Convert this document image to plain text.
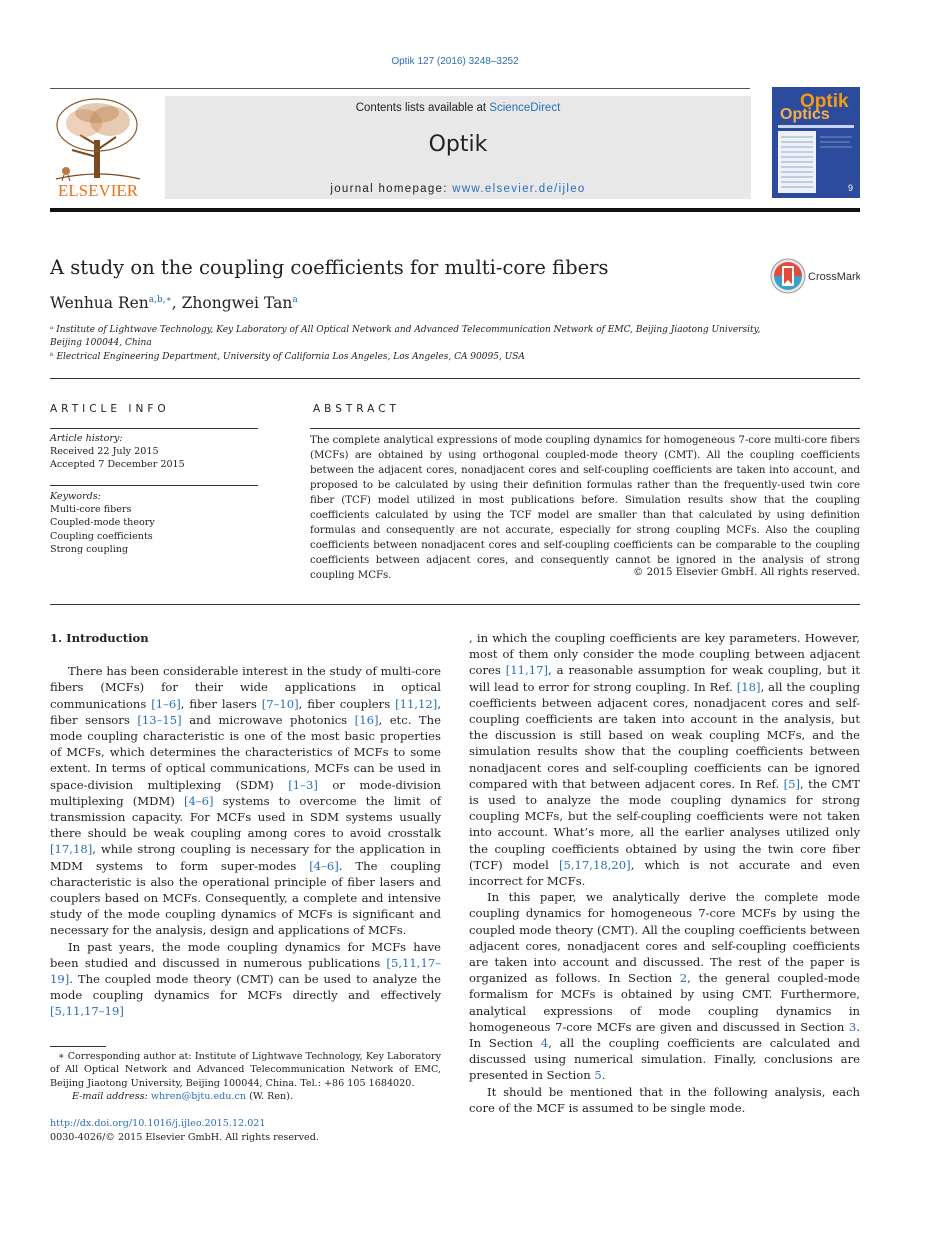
Optik 127 (2016) 3248–3252
ELSEVIER
Contents lists available at ScienceDirect
Optik
journal homepage: www.elsevier.de/ijleo
Optik
Optics
9
A study on the coupling coefficients for multi-core fibers	CrossMark
Wenhua Ren$^{a,b,∗}$, Zhongwei Tan$^a$
ᵃ Institute of Lightwave Technology, Key Laboratory of All Optical Network and Advanced Telecommunication Network of EMC, Beijing Jiaotong University, Beijing 100044, China
ᵇ Electrical Engineering Department, University of California Los Angeles, Los Angeles, CA 90095, USA
ARTICLE INFO	ABSTRACT
Article history:
Received 22 July 2015
Accepted 7 December 2015
Keywords:
Multi-core fibers
Coupled-mode theory
Coupling coefficients
Strong coupling
The complete analytical expressions of mode coupling dynamics for homogeneous 7-core multi-core fibers (MCFs) are obtained by using orthogonal coupled-mode theory (CMT). All the coupling coefficients between the adjacent cores, nonadjacent cores and self-coupling coefficients are taken into account, and proposed to be calculated by using their definition formulas rather than the frequently-used twin core fiber (TCF) model utilized in most publications before. Simulation results show that the coupling coefficients calculated by using the TCF model are smaller than that calculated by using definition formulas and consequently are not accurate, especially for strong coupling MCFs. Also the coupling coefficients between nonadjacent cores and self-coupling coefficients can be comparable to the coupling coefficients between adjacent cores, and consequently cannot be ignored in the analysis of strong coupling MCFs.	© 2015 Elsevier GmbH. All rights reserved.

1. Introduction

There has been considerable interest in the study of multi-core fibers (MCFs) for their wide applications in optical communications [1–6], fiber lasers [7–10], fiber couplers [11,12], fiber sensors [13–15] and microwave photonics [16], etc. The mode coupling characteristic is one of the most basic properties of MCFs, which determines the characteristics of MCFs to some extent. In terms of optical communications, MCFs can be used in space-division multiplexing (SDM) [1–3] or mode-division multiplexing (MDM) [4–6] systems to overcome the limit of transmission capacity. For MCFs used in SDM systems usually there should be weak coupling among cores to avoid crosstalk [17,18], while strong coupling is necessary for the application in MDM systems to form super-modes [4–6]. The coupling characteristic is also the operational principle of fiber lasers and couplers based on MCFs. Consequently, a complete and intensive study of the mode coupling dynamics of MCFs is significant and necessary for the analysis, design and applications of MCFs.

In past years, the mode coupling dynamics for MCFs have been studied and discussed in numerous publications [5,11,17–19]. The coupled mode theory (CMT) can be used to analyze the mode coupling dynamics for MCFs directly and effectively [5,11,17–19]

, in which the coupling coefficients are key parameters. However, most of them only consider the mode coupling between adjacent cores [11,17], a reasonable assumption for weak coupling, but it will lead to error for strong coupling. In Ref. [18], all the coupling coefficients between adjacent cores, nonadjacent cores and self-coupling coefficients are taken into account in the analysis, but the discussion is still based on weak coupling MCFs, and the simulation results show that the coupling coefficients between nonadjacent cores and self-coupling coefficients can be ignored compared with that between adjacent cores. In Ref. [5], the CMT is used to analyze the mode coupling dynamics for strong coupling MCFs, but the self-coupling coefficients were not taken into account. What’s more, all the earlier analyses utilized only the coupling coefficients obtained by using the twin core fiber (TCF) model [5,17,18,20], which is not accurate and even incorrect for MCFs.

In this paper, we analytically derive the complete mode coupling dynamics for homogeneous 7-core MCFs by using the coupled mode theory (CMT). All the coupling coefficients between adjacent cores, nonadjacent cores and self-coupling coefficients are taken into account and discussed. The rest of the paper is organized as follows. In Section 2, the general coupled-mode formalism for MCFs is obtained by using CMT. Furthermore, analytical expressions of mode coupling dynamics in homogeneous 7-core MCFs are given and discussed in Section 3. In Section 4, all the coupling coefficients are calculated and discussed using numerical simulation. Finally, conclusions are presented in Section 5.

It should be mentioned that in the following analysis, each core of the MCF is assumed to be single mode.

∗ Corresponding author at: Institute of Lightwave Technology, Key Laboratory of All Optical Network and Advanced Telecommunication Network of EMC, Beijing Jiaotong University, Beijing 100044, China. Tel.: +86 105 1684020.
E-mail address: whren@bjtu.edu.cn (W. Ren).
http://dx.doi.org/10.1016/j.ijleo.2015.12.021
0030-4026/© 2015 Elsevier GmbH. All rights reserved.
